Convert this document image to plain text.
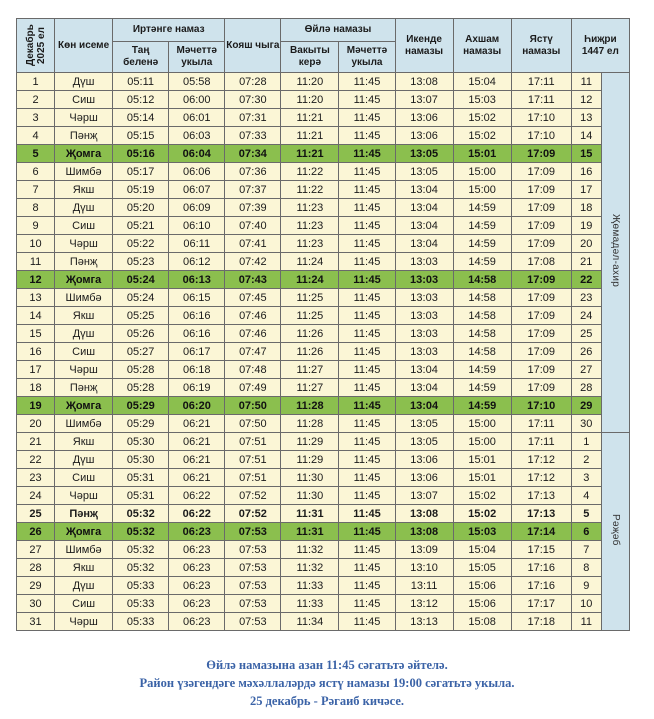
Декабрь 2025 ел	Көн исеме	Иртәнге намаз		Кояш чыга	Өйлә намазы		Икенде намазы	Ахшам намазы	Ястү намазы	Һиҗри 1447 ел	
		Таң беленә	Мәчеттә укыла		Вакыты керә	Мәчеттә укыла					
1	Дүш	05:11	05:58	07:28	11:20	11:45	13:08	15:04	17:11	11	Җөмадәл-ахир
2	Сиш	05:12	06:00	07:30	11:20	11:45	13:07	15:03	17:11	12	
3	Чәрш	05:14	06:01	07:31	11:21	11:45	13:06	15:02	17:10	13	
4	Пәнҗ	05:15	06:03	07:33	11:21	11:45	13:06	15:02	17:10	14	
5	Җомга	05:16	06:04	07:34	11:21	11:45	13:05	15:01	17:09	15	
6	Шимбә	05:17	06:06	07:36	11:22	11:45	13:05	15:00	17:09	16	
7	Якш	05:19	06:07	07:37	11:22	11:45	13:04	15:00	17:09	17	
8	Дүш	05:20	06:09	07:39	11:23	11:45	13:04	14:59	17:09	18	
9	Сиш	05:21	06:10	07:40	11:23	11:45	13:04	14:59	17:09	19	
10	Чәрш	05:22	06:11	07:41	11:23	11:45	13:04	14:59	17:09	20	
11	Пәнҗ	05:23	06:12	07:42	11:24	11:45	13:03	14:59	17:08	21	
12	Җомга	05:24	06:13	07:43	11:24	11:45	13:03	14:58	17:09	22	
13	Шимбә	05:24	06:15	07:45	11:25	11:45	13:03	14:58	17:09	23	
14	Якш	05:25	06:16	07:46	11:25	11:45	13:03	14:58	17:09	24	
15	Дүш	05:26	06:16	07:46	11:26	11:45	13:03	14:58	17:09	25	
16	Сиш	05:27	06:17	07:47	11:26	11:45	13:03	14:58	17:09	26	
17	Чәрш	05:28	06:18	07:48	11:27	11:45	13:04	14:59	17:09	27	
18	Пәнҗ	05:28	06:19	07:49	11:27	11:45	13:04	14:59	17:09	28	
19	Җомга	05:29	06:20	07:50	11:28	11:45	13:04	14:59	17:10	29	
20	Шимбә	05:29	06:21	07:50	11:28	11:45	13:05	15:00	17:11	30	
21	Якш	05:30	06:21	07:51	11:29	11:45	13:05	15:00	17:11	1	Рәҗәб
22	Дүш	05:30	06:21	07:51	11:29	11:45	13:06	15:01	17:12	2	
23	Сиш	05:31	06:21	07:51	11:30	11:45	13:06	15:01	17:12	3	
24	Чәрш	05:31	06:22	07:52	11:30	11:45	13:07	15:02	17:13	4	
25	Пәнҗ	05:32	06:22	07:52	11:31	11:45	13:08	15:02	17:13	5	
26	Җомга	05:32	06:23	07:53	11:31	11:45	13:08	15:03	17:14	6	
27	Шимбә	05:32	06:23	07:53	11:32	11:45	13:09	15:04	17:15	7	
28	Якш	05:32	06:23	07:53	11:32	11:45	13:10	15:05	17:16	8	
29	Дүш	05:33	06:23	07:53	11:33	11:45	13:11	15:06	17:16	9	
30	Сиш	05:33	06:23	07:53	11:33	11:45	13:12	15:06	17:17	10	
31	Чәрш	05:33	06:23	07:53	11:34	11:45	13:13	15:08	17:18	11	
Өйлә намазына азан 11:45 сәгатьтә әйтелә.
Район үзәгендәге мәхәллаләрдә ястү намазы 19:00 сәгатьтә укыла.
25 декабрь - Рәгаиб кичәсе.
